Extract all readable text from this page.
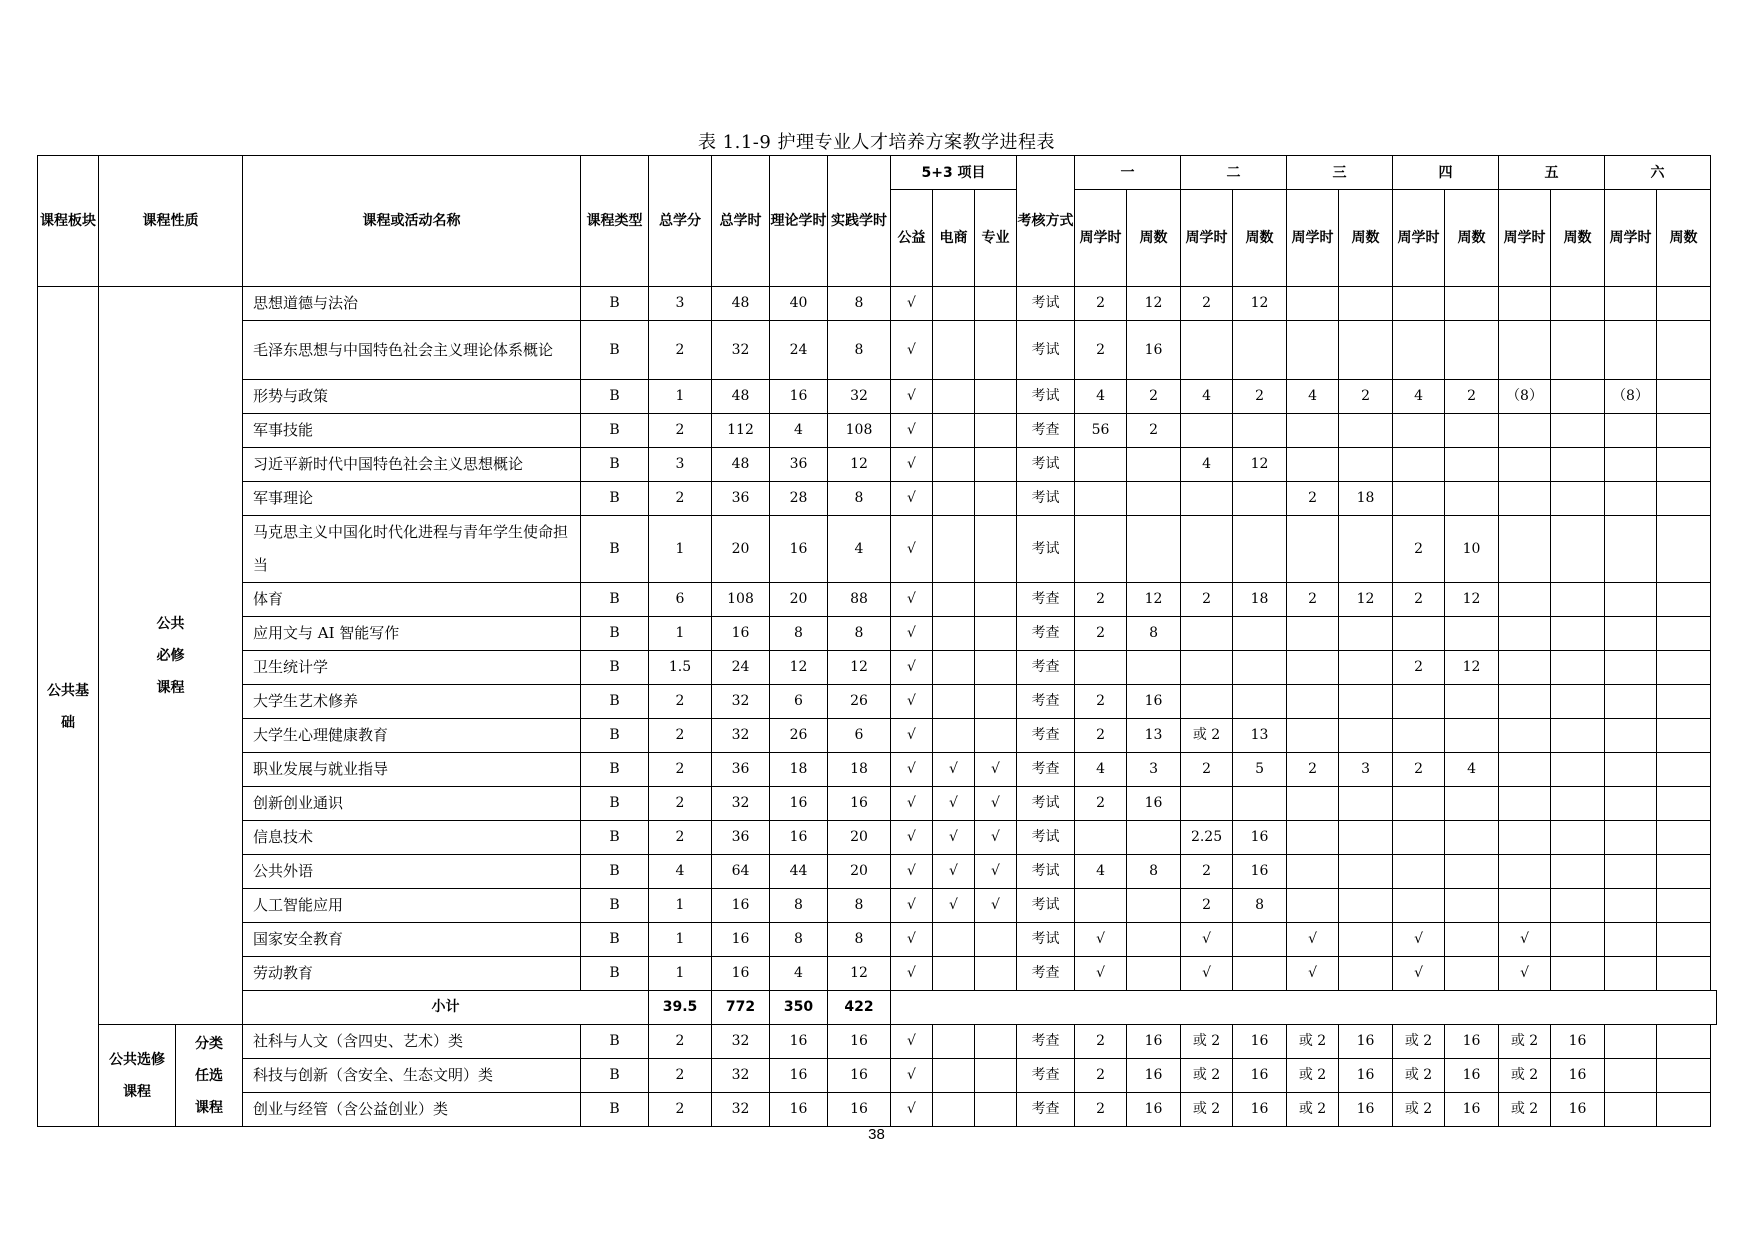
表 1.1-9 护理专业人才培养方案教学进程表
课程板块	课程性质		课程或活动名称	课程类型	总学分	总学时	理论学时	实践学时	5+3 项目			考核方式	一		二		三		四		五		六	
									公益	电商	专业		周学时	周数	周学时	周数	周学时	周数	周学时	周数	周学时	周数	周学时	周数
公共基础	公共必修课程		思想道德与法治	B	3	48	40	8	√			考试	2	12	2	12								
			毛泽东思想与中国特色社会主义理论体系概论	B	2	32	24	8	√			考试	2	16										
			形势与政策	B	1	48	16	32	√			考试	4	2	4	2	4	2	4	2	（8）		（8）	
			军事技能	B	2	112	4	108	√			考查	56	2										
			习近平新时代中国特色社会主义思想概论	B	3	48	36	12	√			考试			4	12								
			军事理论	B	2	36	28	8	√			考试					2	18						
			马克思主义中国化时代化进程与青年学生使命担当	B	1	20	16	4	√			考试							2	10				
			体育	B	6	108	20	88	√			考查	2	12	2	18	2	12	2	12				
			应用文与 AI 智能写作	B	1	16	8	8	√			考查	2	8										
			卫生统计学	B	1.5	24	12	12	√			考查							2	12				
			大学生艺术修养	B	2	32	6	26	√			考查	2	16										
			大学生心理健康教育	B	2	32	26	6	√			考查	2	13	或 2	13								
			职业发展与就业指导	B	2	36	18	18	√	√	√	考查	4	3	2	5	2	3	2	4				
			创新创业通识	B	2	32	16	16	√	√	√	考试	2	16										
			信息技术	B	2	36	16	20	√	√	√	考试			2.25	16								
			公共外语	B	4	64	44	20	√	√	√	考试	4	8	2	16								
			人工智能应用	B	1	16	8	8	√	√	√	考试			2	8								
			国家安全教育	B	1	16	8	8	√			考试	√		√		√		√		√			
			劳动教育	B	1	16	4	12	√			考查	√		√		√		√		√			
			小计		39.5	772	350	422																
	公共选修课程	分类任选课程	社科与人文（含四史、艺术）类	B	2	32	16	16	√			考查	2	16	或 2	16	或 2	16	或 2	16	或 2	16		
			科技与创新（含安全、生态文明）类	B	2	32	16	16	√			考查	2	16	或 2	16	或 2	16	或 2	16	或 2	16		
			创业与经管（含公益创业）类	B	2	32	16	16	√			考查	2	16	或 2	16	或 2	16	或 2	16	或 2	16		
38
